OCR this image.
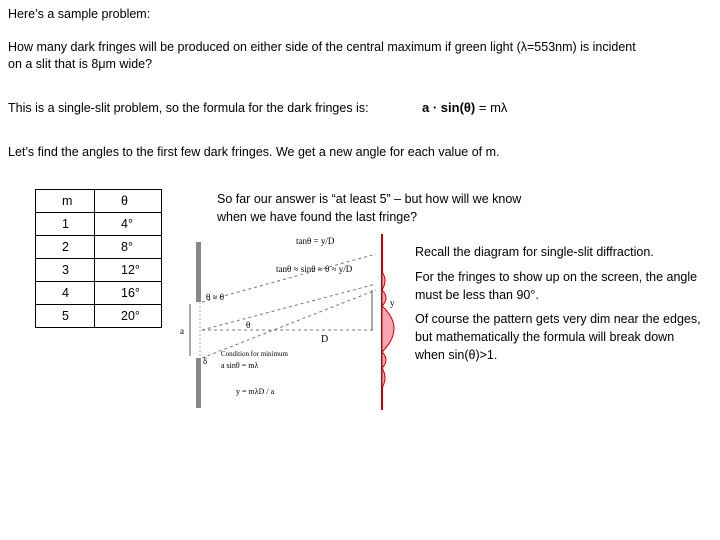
Here’s a sample problem:
How many dark fringes will be produced on either side of the central maximum if green light (λ=553nm) is incident
on a slit that is 8μm wide?
This is a single-slit problem, so the formula for the dark fringes is:	a · sin(θ) = mλ
Let’s find the angles to the first few dark fringes. We get a new angle for each value of m.
m	θ
1	4°
2	8°
3	12°
4	16°
5	20°
So far our answer is “at least 5” – but how will we know when we have found the last fringe?
Recall the diagram for single-slit diffraction.
For the fringes to show up on the screen, the angle must be less than 90°.
Of course the pattern gets very dim near the edges, but mathematically the formula will break down when sin(θ)>1.
tanθ = y/D
tanθ ≈ sinθ ≈ θ ≈ y/D
θ ≈ θ
θ
D
y
a
δ
Condition for minimum
a sinθ = mλ
y = mλD / a
